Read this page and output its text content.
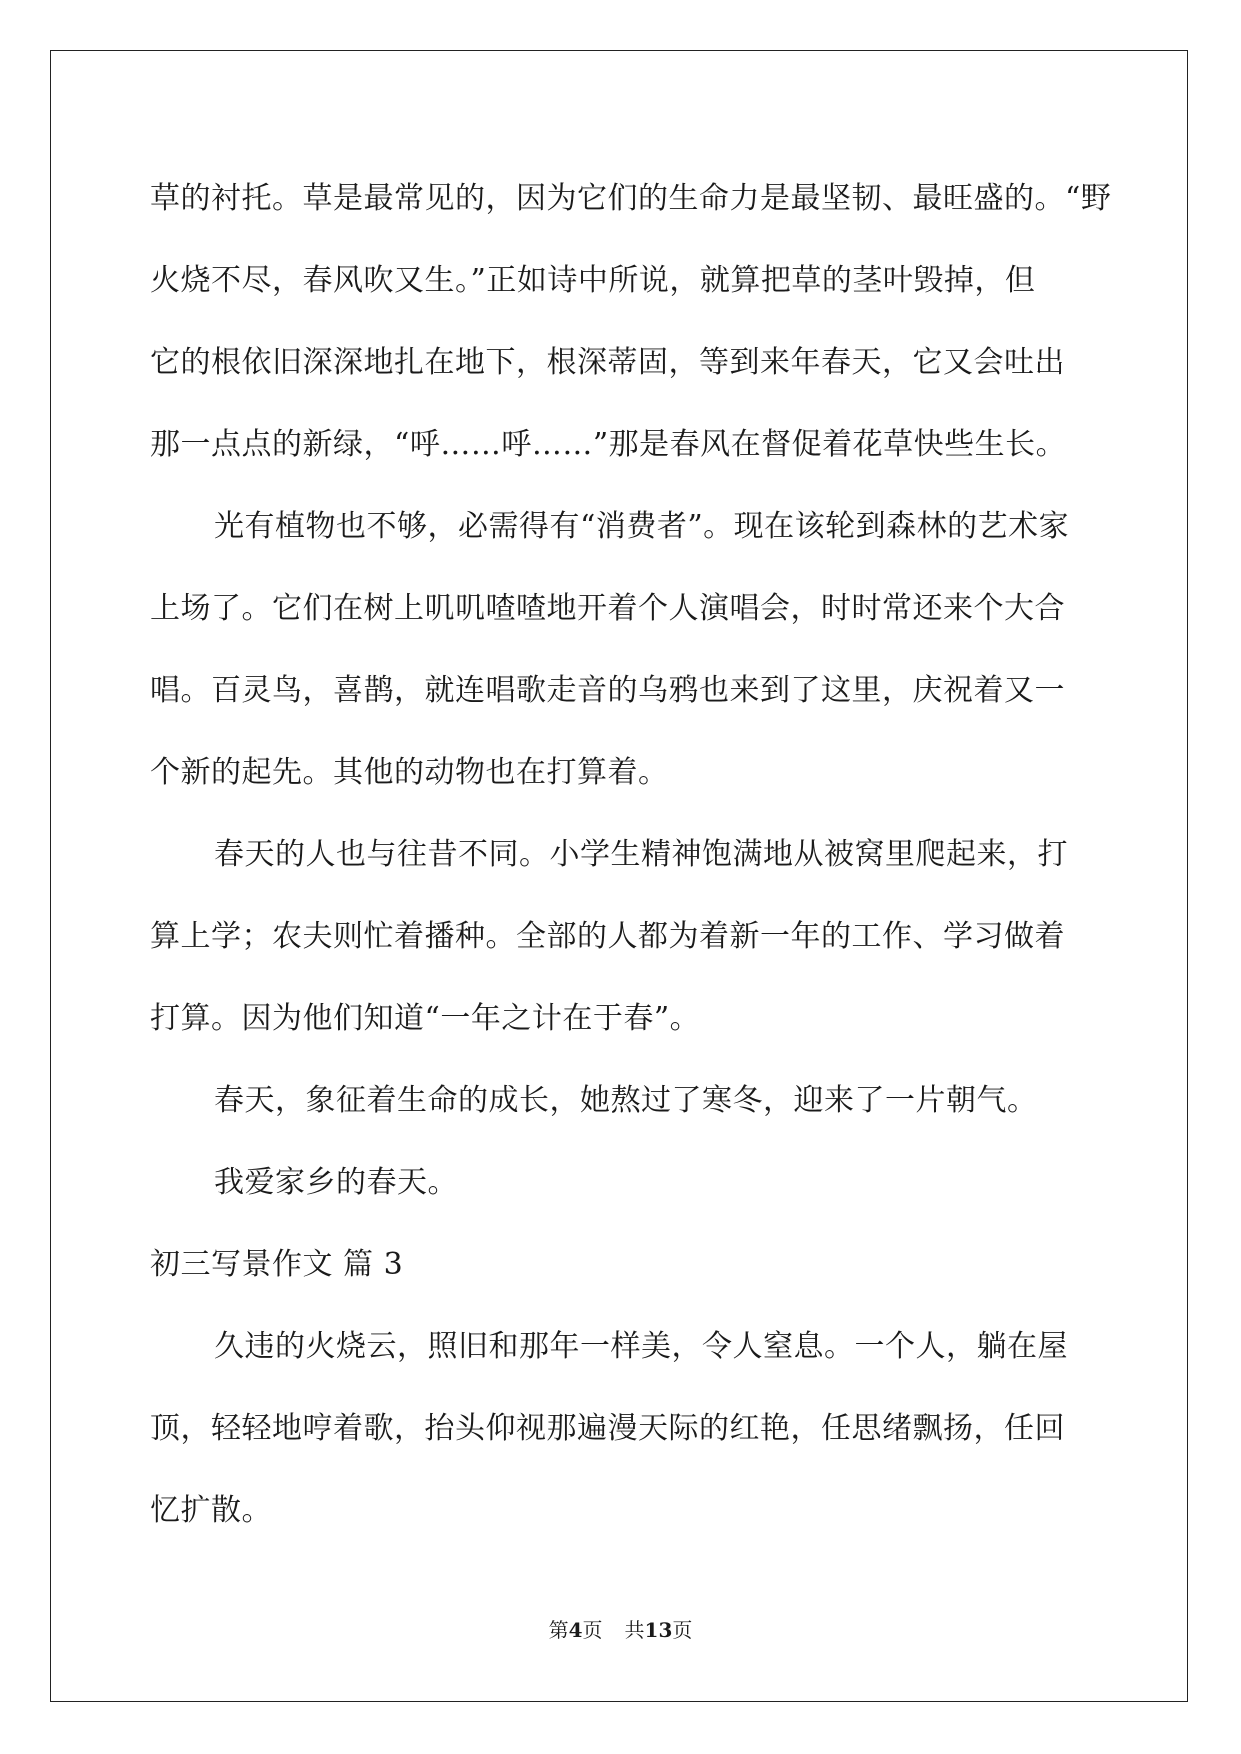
草的衬托。草是最常见的，因为它们的生命力是最坚韧、最旺盛的。“野
火烧不尽，春风吹又生。”正如诗中所说，就算把草的茎叶毁掉，但
它的根依旧深深地扎在地下，根深蒂固，等到来年春天，它又会吐出
那一点点的新绿，“呼……呼……”那是春风在督促着花草快些生长。
光有植物也不够，必需得有“消费者”。现在该轮到森林的艺术家
上场了。它们在树上叽叽喳喳地开着个人演唱会，时时常还来个大合
唱。百灵鸟，喜鹊，就连唱歌走音的乌鸦也来到了这里，庆祝着又一
个新的起先。其他的动物也在打算着。
春天的人也与往昔不同。小学生精神饱满地从被窝里爬起来，打
算上学；农夫则忙着播种。全部的人都为着新一年的工作、学习做着
打算。因为他们知道“一年之计在于春”。
春天，象征着生命的成长，她熬过了寒冬，迎来了一片朝气。
我爱家乡的春天。
初三写景作文 篇 3
久违的火烧云，照旧和那年一样美，令人窒息。一个人，躺在屋
顶，轻轻地哼着歌，抬头仰视那遍漫天际的红艳，任思绪飘扬，任回
忆扩散。
第4页 共13页
